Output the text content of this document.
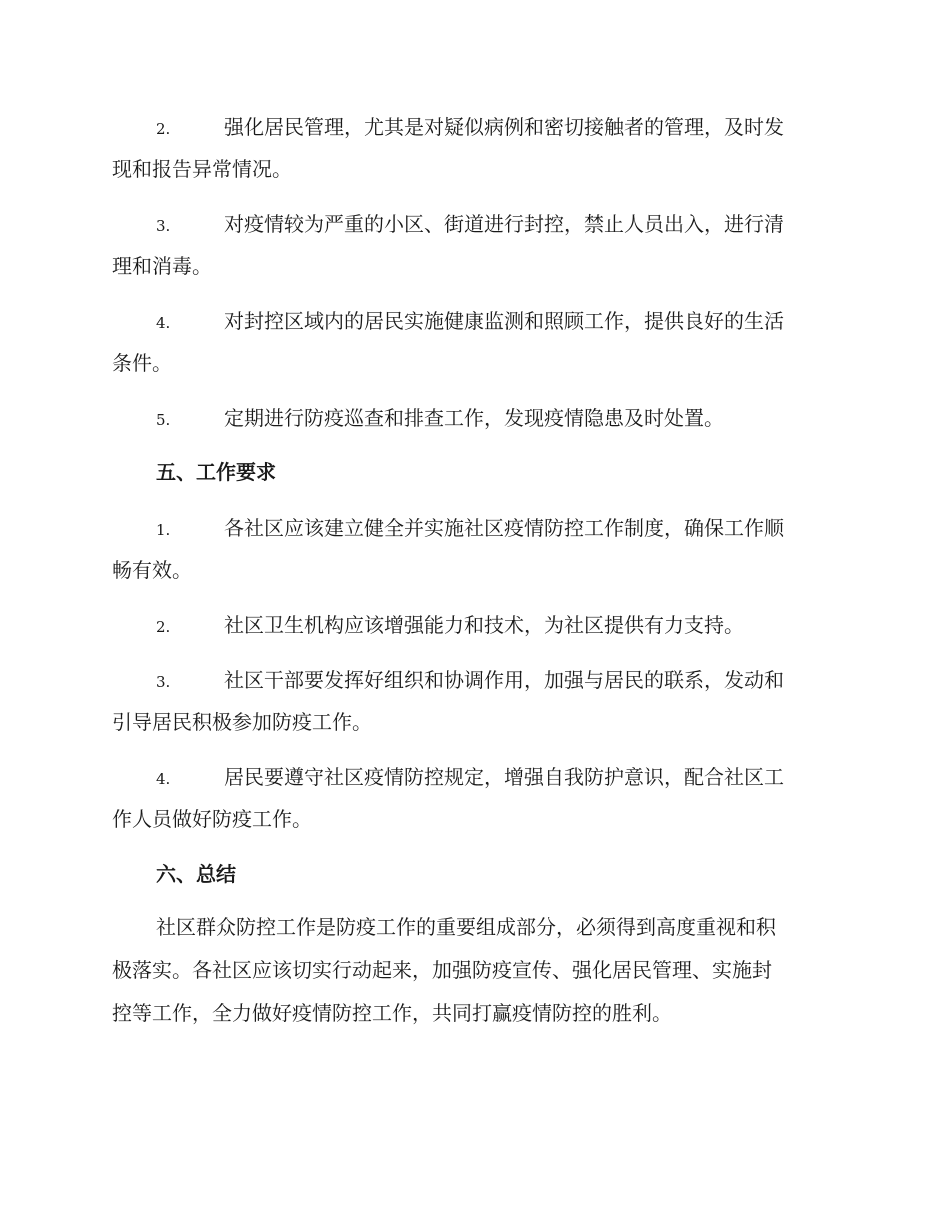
2.	强化居民管理，尤其是对疑似病例和密切接触者的管理，及时发
现和报告异常情况。
3.	对疫情较为严重的小区、街道进行封控，禁止人员出入，进行清
理和消毒。
4.	对封控区域内的居民实施健康监测和照顾工作，提供良好的生活
条件。
5.	定期进行防疫巡查和排查工作，发现疫情隐患及时处置。
五、工作要求
1.	各社区应该建立健全并实施社区疫情防控工作制度，确保工作顺
畅有效。
2.	社区卫生机构应该增强能力和技术，为社区提供有力支持。
3.	社区干部要发挥好组织和协调作用，加强与居民的联系，发动和
引导居民积极参加防疫工作。
4.	居民要遵守社区疫情防控规定，增强自我防护意识，配合社区工
作人员做好防疫工作。
六、总结
社区群众防控工作是防疫工作的重要组成部分，必须得到高度重视和积
极落实。各社区应该切实行动起来，加强防疫宣传、强化居民管理、实施封
控等工作，全力做好疫情防控工作，共同打赢疫情防控的胜利。
